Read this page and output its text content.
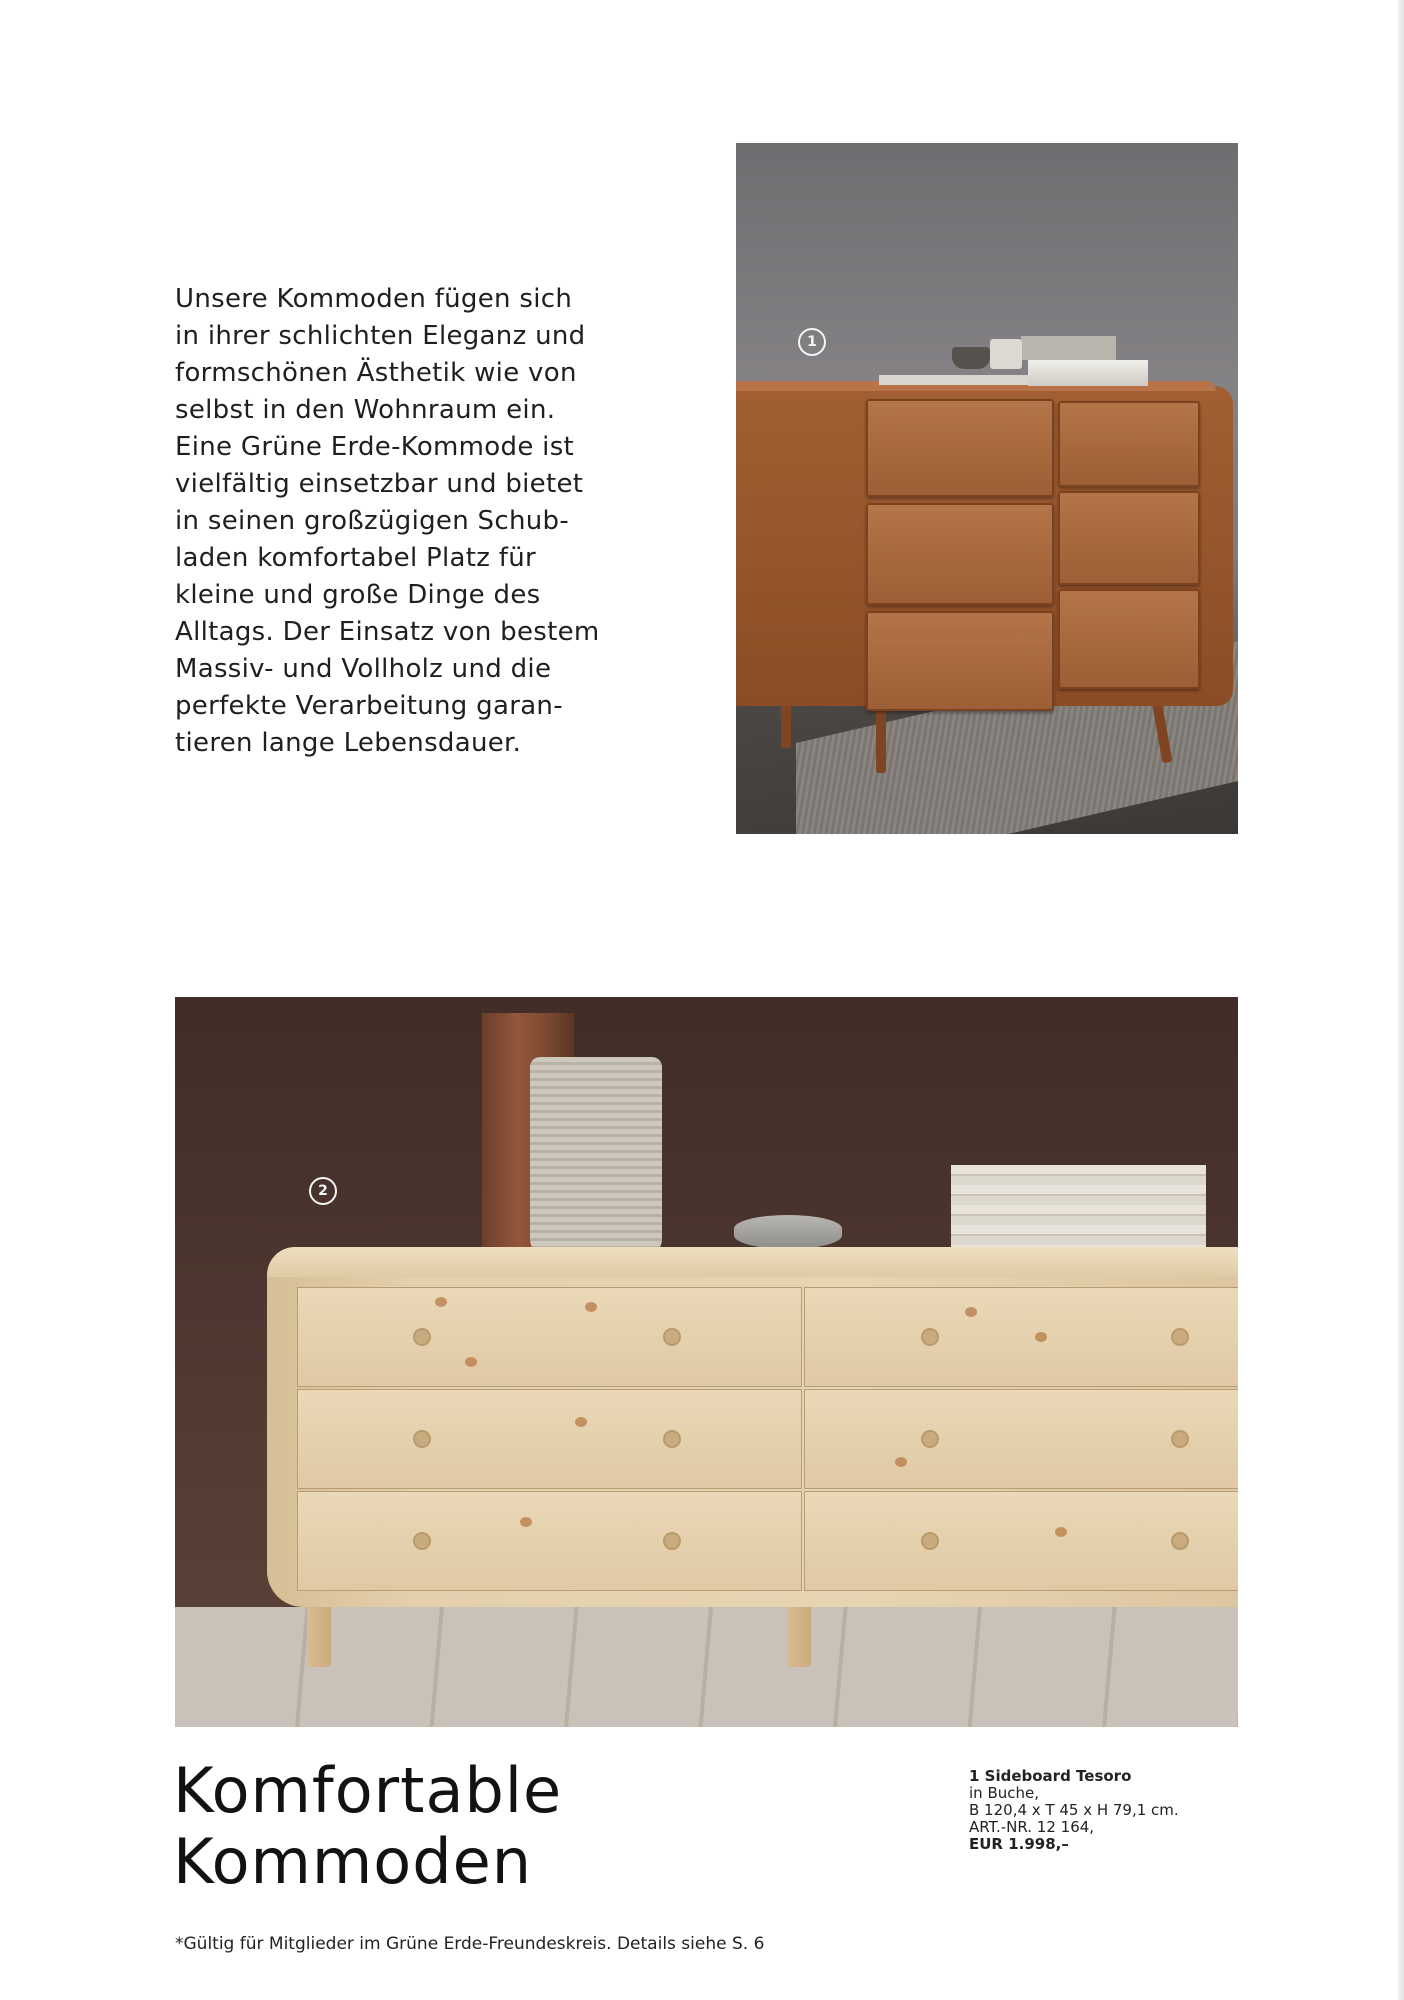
Unsere Kommoden fügen sich
in ihrer schlichten Eleganz und
formschönen Ästhetik wie von
selbst in den Wohnraum ein.
Eine Grüne Erde-Kommode ist
vielfältig einsetzbar und bietet
in seinen großzügigen Schub-
laden komfortabel Platz für
kleine und große Dinge des
Alltags. Der Einsatz von bestem
Massiv- und Vollholz und die
perfekte Verarbeitung garan-
tieren lange Lebensdauer.
1
2
Komfortable
Kommoden
1 Sideboard Tesoro
in Buche,
B 120,4 x T 45 x H 79,1 cm.
ART.-NR. 12 164,
EUR 1.998,–
*Gültig für Mitglieder im Grüne Erde-Freundeskreis. Details siehe S. 6
